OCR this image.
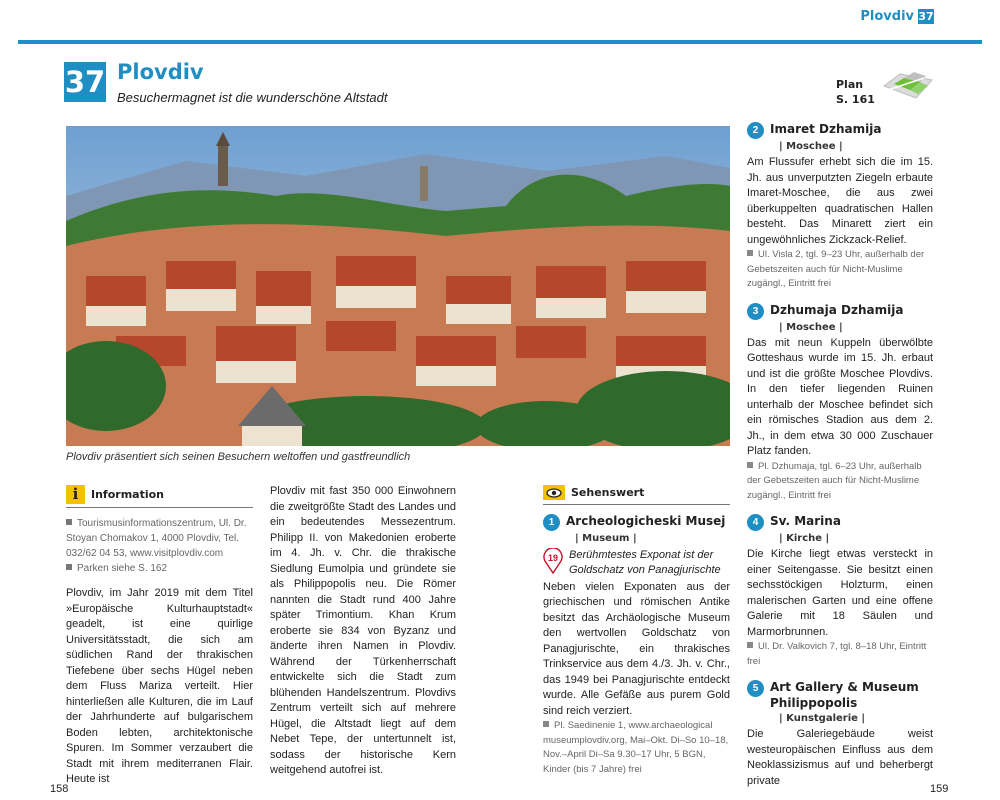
Plovdiv 37
37 Plovdiv
Besuchermagnet ist die wunderschöne Altstadt
Plan
S. 161
Plovdiv präsentiert sich seinen Besuchern weltoffen und gastfreundlich
i	Information
Tourismusinformationszentrum, Ul. Dr. Stoyan Chomakov 1, 4000 Plovdiv, Tel. 032/62 04 53, www.visitplovdiv.com
Parken siehe S. 162

Plovdiv, im Jahr 2019 mit dem Titel »Europäische Kulturhauptstadt« geadelt, ist eine quirlige Universitätsstadt, die sich am südlichen Rand der thrakischen Tiefebene über sechs Hügel neben dem Fluss Mariza verteilt. Hier hinterließen alle Kulturen, die im Lauf der Jahrhunderte auf bulgarischem Boden lebten, architektonische Spuren. Im Sommer verzaubert die Stadt mit ihrem mediterranen Flair. Heute ist

Plovdiv mit fast 350 000 Einwohnern die zweitgrößte Stadt des Landes und ein bedeutendes Messezentrum. Philipp II. von Makedonien eroberte im 4. Jh. v. Chr. die thrakische Siedlung Eumolpia und gründete sie als Philippopolis neu. Die Römer nannten die Stadt rund 400 Jahre später Trimontium. Khan Krum eroberte sie 834 von Byzanz und änderte ihren Namen in Plovdiv. Während der Türkenherrschaft entwickelte sich die Stadt zum blühenden Handelszentrum. Plovdivs Zentrum verteilt sich auf mehrere Hügel, die Altstadt liegt auf dem Nebet Tepe, der untertunnelt ist, sodass der historische Kern weitgehend autofrei ist.

Sehenswert
1 Archeologicheski Musej
| Museum |
19 Berühmtestes Exponat ist der Goldschatz von Panagjurischte

Neben vielen Exponaten aus der griechischen und römischen Antike besitzt das Archäologische Museum den wertvollen Goldschatz von Panagjurischte, ein thrakisches Trinkservice aus dem 4./3. Jh. v. Chr., das 1949 bei Panagjurischte entdeckt wurde. Alle Gefäße aus purem Gold sind reich verziert.

Pl. Saedinenie 1, www.archaeological museumplovdiv.org, Mai–Okt. Di–So 10–18, Nov.–April Di–Sa 9.30–17 Uhr, 5 BGN, Kinder (bis 7 Jahre) frei
2 Imaret Dzhamija
| Moschee |

Am Flussufer erhebt sich die im 15. Jh. aus unverputzten Ziegeln erbaute Imaret-Moschee, die aus zwei überkuppelten quadratischen Hallen besteht. Das Minarett ziert ein ungewöhnliches Zickzack-Relief.

Ul. Visla 2, tgl. 9–23 Uhr, außerhalb der Gebetszeiten auch für Nicht-Muslime zugängl., Eintritt frei
3 Dzhumaja Dzhamija
| Moschee |

Das mit neun Kuppeln überwölbte Gotteshaus wurde im 15. Jh. erbaut und ist die größte Moschee Plovdivs. In den tiefer liegenden Ruinen unterhalb der Moschee befindet sich ein römisches Stadion aus dem 2. Jh., in dem etwa 30 000 Zuschauer Platz fanden.

Pl. Dzhumaja, tgl. 6–23 Uhr, außerhalb der Gebetszeiten auch für Nicht-Muslime zugängl., Eintritt frei
4 Sv. Marina
| Kirche |

Die Kirche liegt etwas versteckt in einer Seitengasse. Sie besitzt einen sechsstöckigen Holzturm, einen malerischen Garten und eine offene Galerie mit 18 Säulen und Marmorbrunnen.

Ul. Dr. Valkovich 7, tgl. 8–18 Uhr, Eintritt frei
5 Art Gallery & Museum Philippopolis
| Kunstgalerie |

Die Galeriegebäude weist westeuropäischen Einfluss aus dem Neoklassizismus auf und beherbergt private

158	159
